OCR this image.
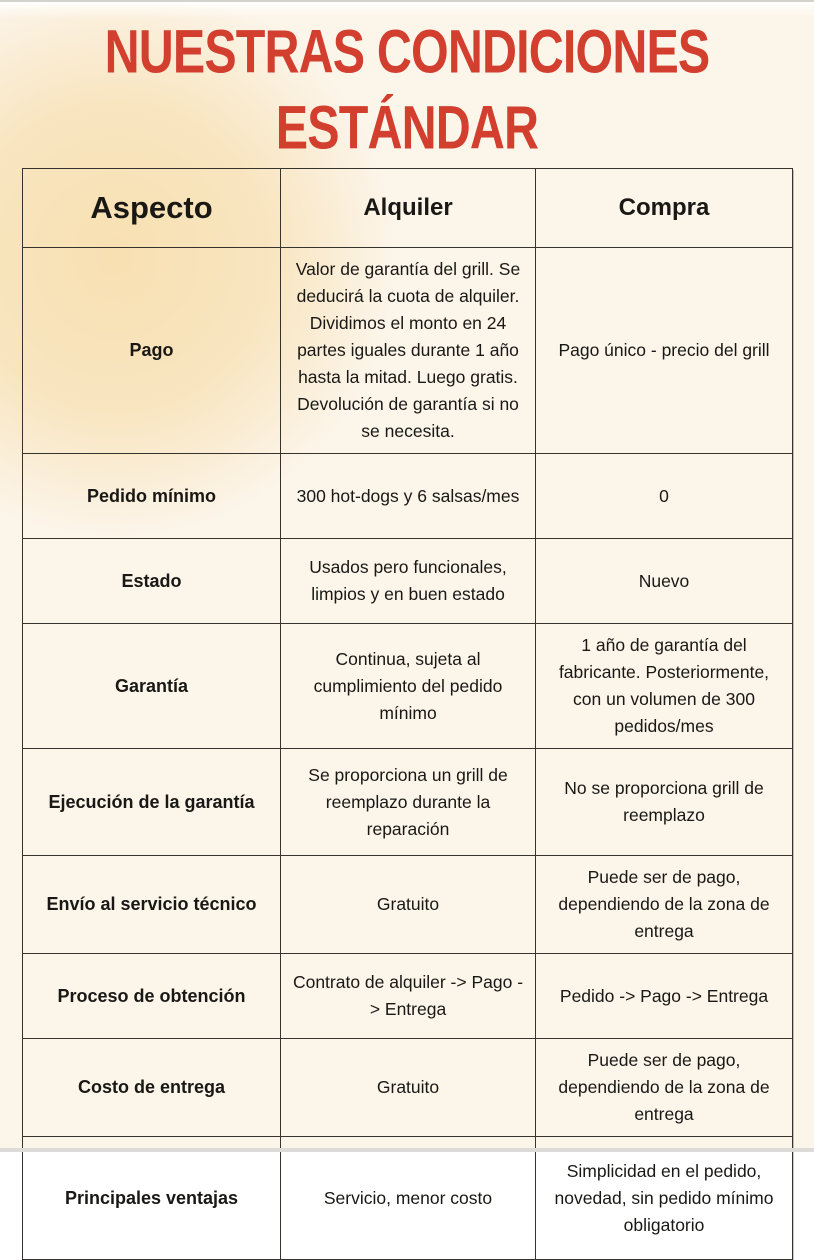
NUESTRAS CONDICIONES
ESTÁNDAR
Aspecto	Alquiler	Compra
Pago	Valor de garantía del grill. Se deducirá la cuota de alquiler. Dividimos el monto en 24 partes iguales durante 1 año hasta la mitad. Luego gratis. Devolución de garantía si no se necesita.	Pago único - precio del grill
Pedido mínimo	300 hot-dogs y 6 salsas/mes	0
Estado	Usados pero funcionales, limpios y en buen estado	Nuevo
Garantía	Continua, sujeta al cumplimiento del pedido mínimo	1 año de garantía del fabricante. Posteriormente, con un volumen de 300 pedidos/mes
Ejecución de la garantía	Se proporciona un grill de reemplazo durante la reparación	No se proporciona grill de reemplazo
Envío al servicio técnico	Gratuito	Puede ser de pago, dependiendo de la zona de entrega
Proceso de obtención	Contrato de alquiler -> Pago -> Entrega	Pedido -> Pago -> Entrega
Costo de entrega	Gratuito	Puede ser de pago, dependiendo de la zona de entrega
Principales ventajas	Servicio, menor costo	Simplicidad en el pedido, novedad, sin pedido mínimo obligatorio
